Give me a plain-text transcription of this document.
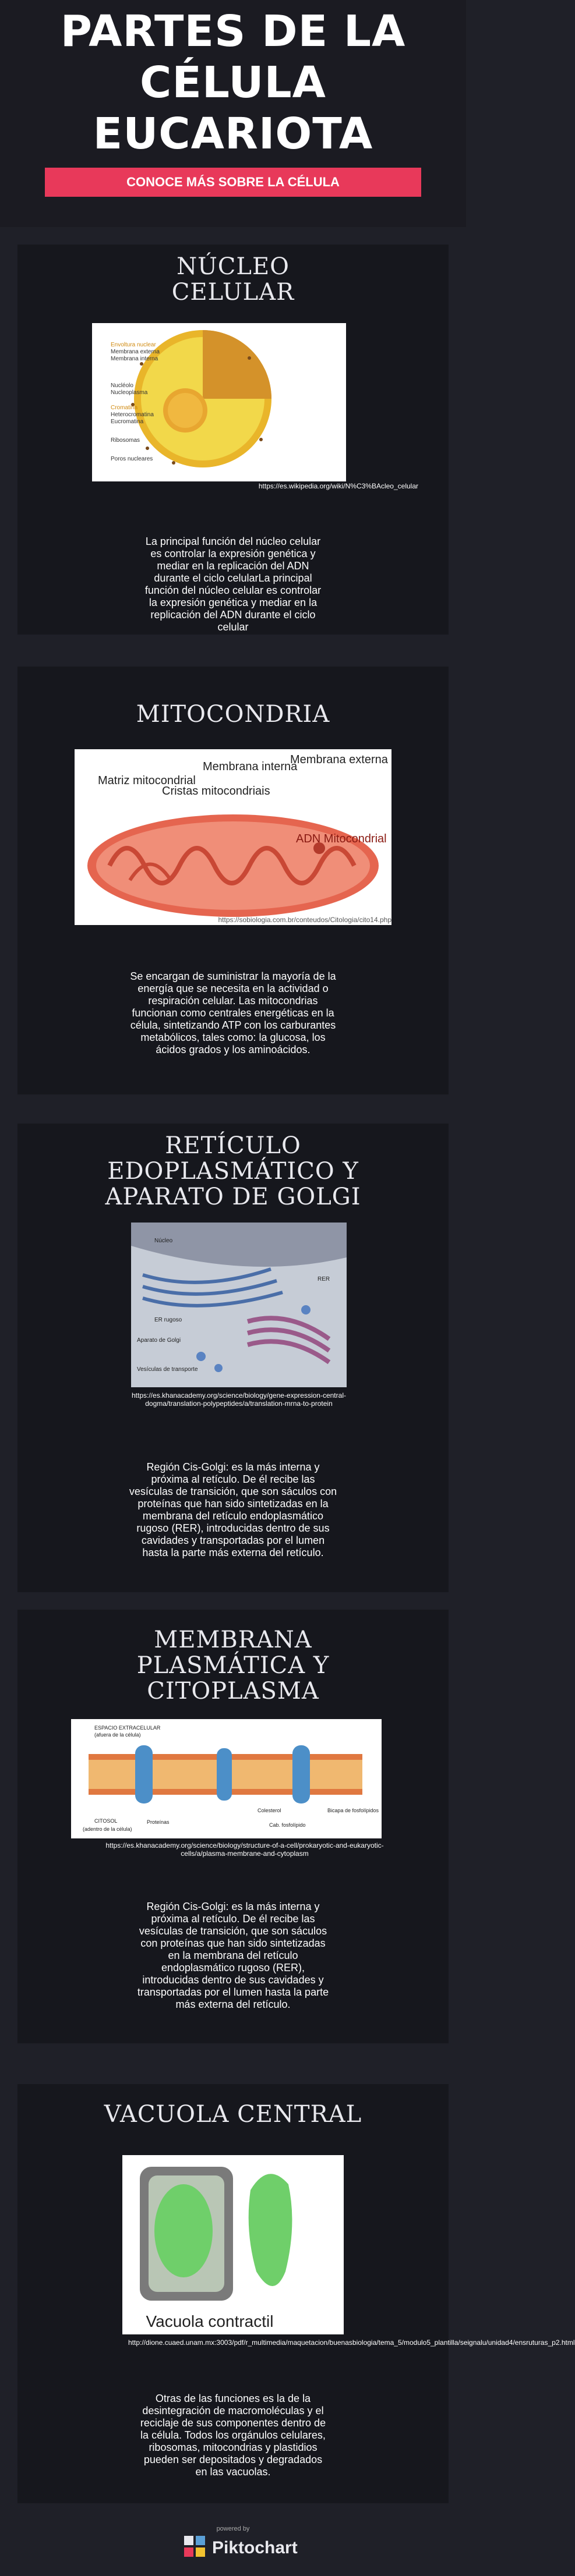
PARTES DE LA
CÉLULA
EUCARIOTA
CONOCE MÁS SOBRE LA CÉLULA
NÚCLEO
CELULAR
Envoltura nuclear
Membrana externa
Membrana interna
Nucléolo
Nucleoplasma
Cromatina
Heterocromatina
Eucromatina
Ribosomas
Poros nucleares
https://es.wikipedia.org/wiki/N%C3%BAcleo_celular
La principal función del núcleo celular es controlar la expresión genética y mediar en la replicación del ADN durante el ciclo celularLa principal función del núcleo celular es controlar la expresión genética y mediar en la replicación del ADN durante el ciclo celular
MITOCONDRIA
Membrana externa
Membrana interna
Matriz mitocondrial
Cristas mitocondriais
ADN Mitocondrial
https://sobiologia.com.br/conteudos/Citologia/cito14.php
Se encargan de suministrar la mayoría de la energía que se necesita en la actividad o respiración celular. Las mitocondrias funcionan como centrales energéticas en la célula, sintetizando ATP con los carburantes metabólicos, tales como: la glucosa, los ácidos grados y los aminoácidos.
RETÍCULO
EDOPLASMÁTICO Y
APARATO DE GOLGI
Núcleo
RER
ER rugoso
Aparato de Golgi
Vesículas de transporte
https://es.khanacademy.org/science/biology/gene-expression-central-dogma/translation-polypeptides/a/translation-mrna-to-protein
Región Cis-Golgi: es la más interna y próxima al retículo. De él recibe las vesículas de transición, que son sáculos con proteínas que han sido sintetizadas en la membrana del retículo endoplasmático rugoso (RER), introducidas dentro de sus cavidades y transportadas por el lumen hasta la parte más externa del retículo.
MEMBRANA
PLASMÁTICA Y
CITOPLASMA
ESPACIO EXTRACELULAR
(afuera de la célula)
CITOSOL
(adentro de la célula)
Proteínas
Colesterol	Bicapa de fosfolípidos
Cab. fosfolípido
https://es.khanacademy.org/science/biology/structure-of-a-cell/prokaryotic-and-eukaryotic-cells/a/plasma-membrane-and-cytoplasm
Región Cis-Golgi: es la más interna y próxima al retículo. De él recibe las vesículas de transición, que son sáculos con proteínas que han sido sintetizadas en la membrana del retículo endoplasmático rugoso (RER), introducidas dentro de sus cavidades y transportadas por el lumen hasta la parte más externa del retículo.
VACUOLA CENTRAL
Vacuola contractil
http://dione.cuaed.unam.mx:3003/pdf/r_multimedia/maquetacion/buenasbiologia/tema_5/modulo5_plantilla/seignalu/unidad4/ensruturas_p2.html
Otras de las funciones es la de la desintegración de macromoléculas y el reciclaje de sus componentes dentro de la célula. Todos los orgánulos celulares, ribosomas, mitocondrias y plastidios pueden ser depositados y degradados en las vacuolas.
powered by
Piktochart
